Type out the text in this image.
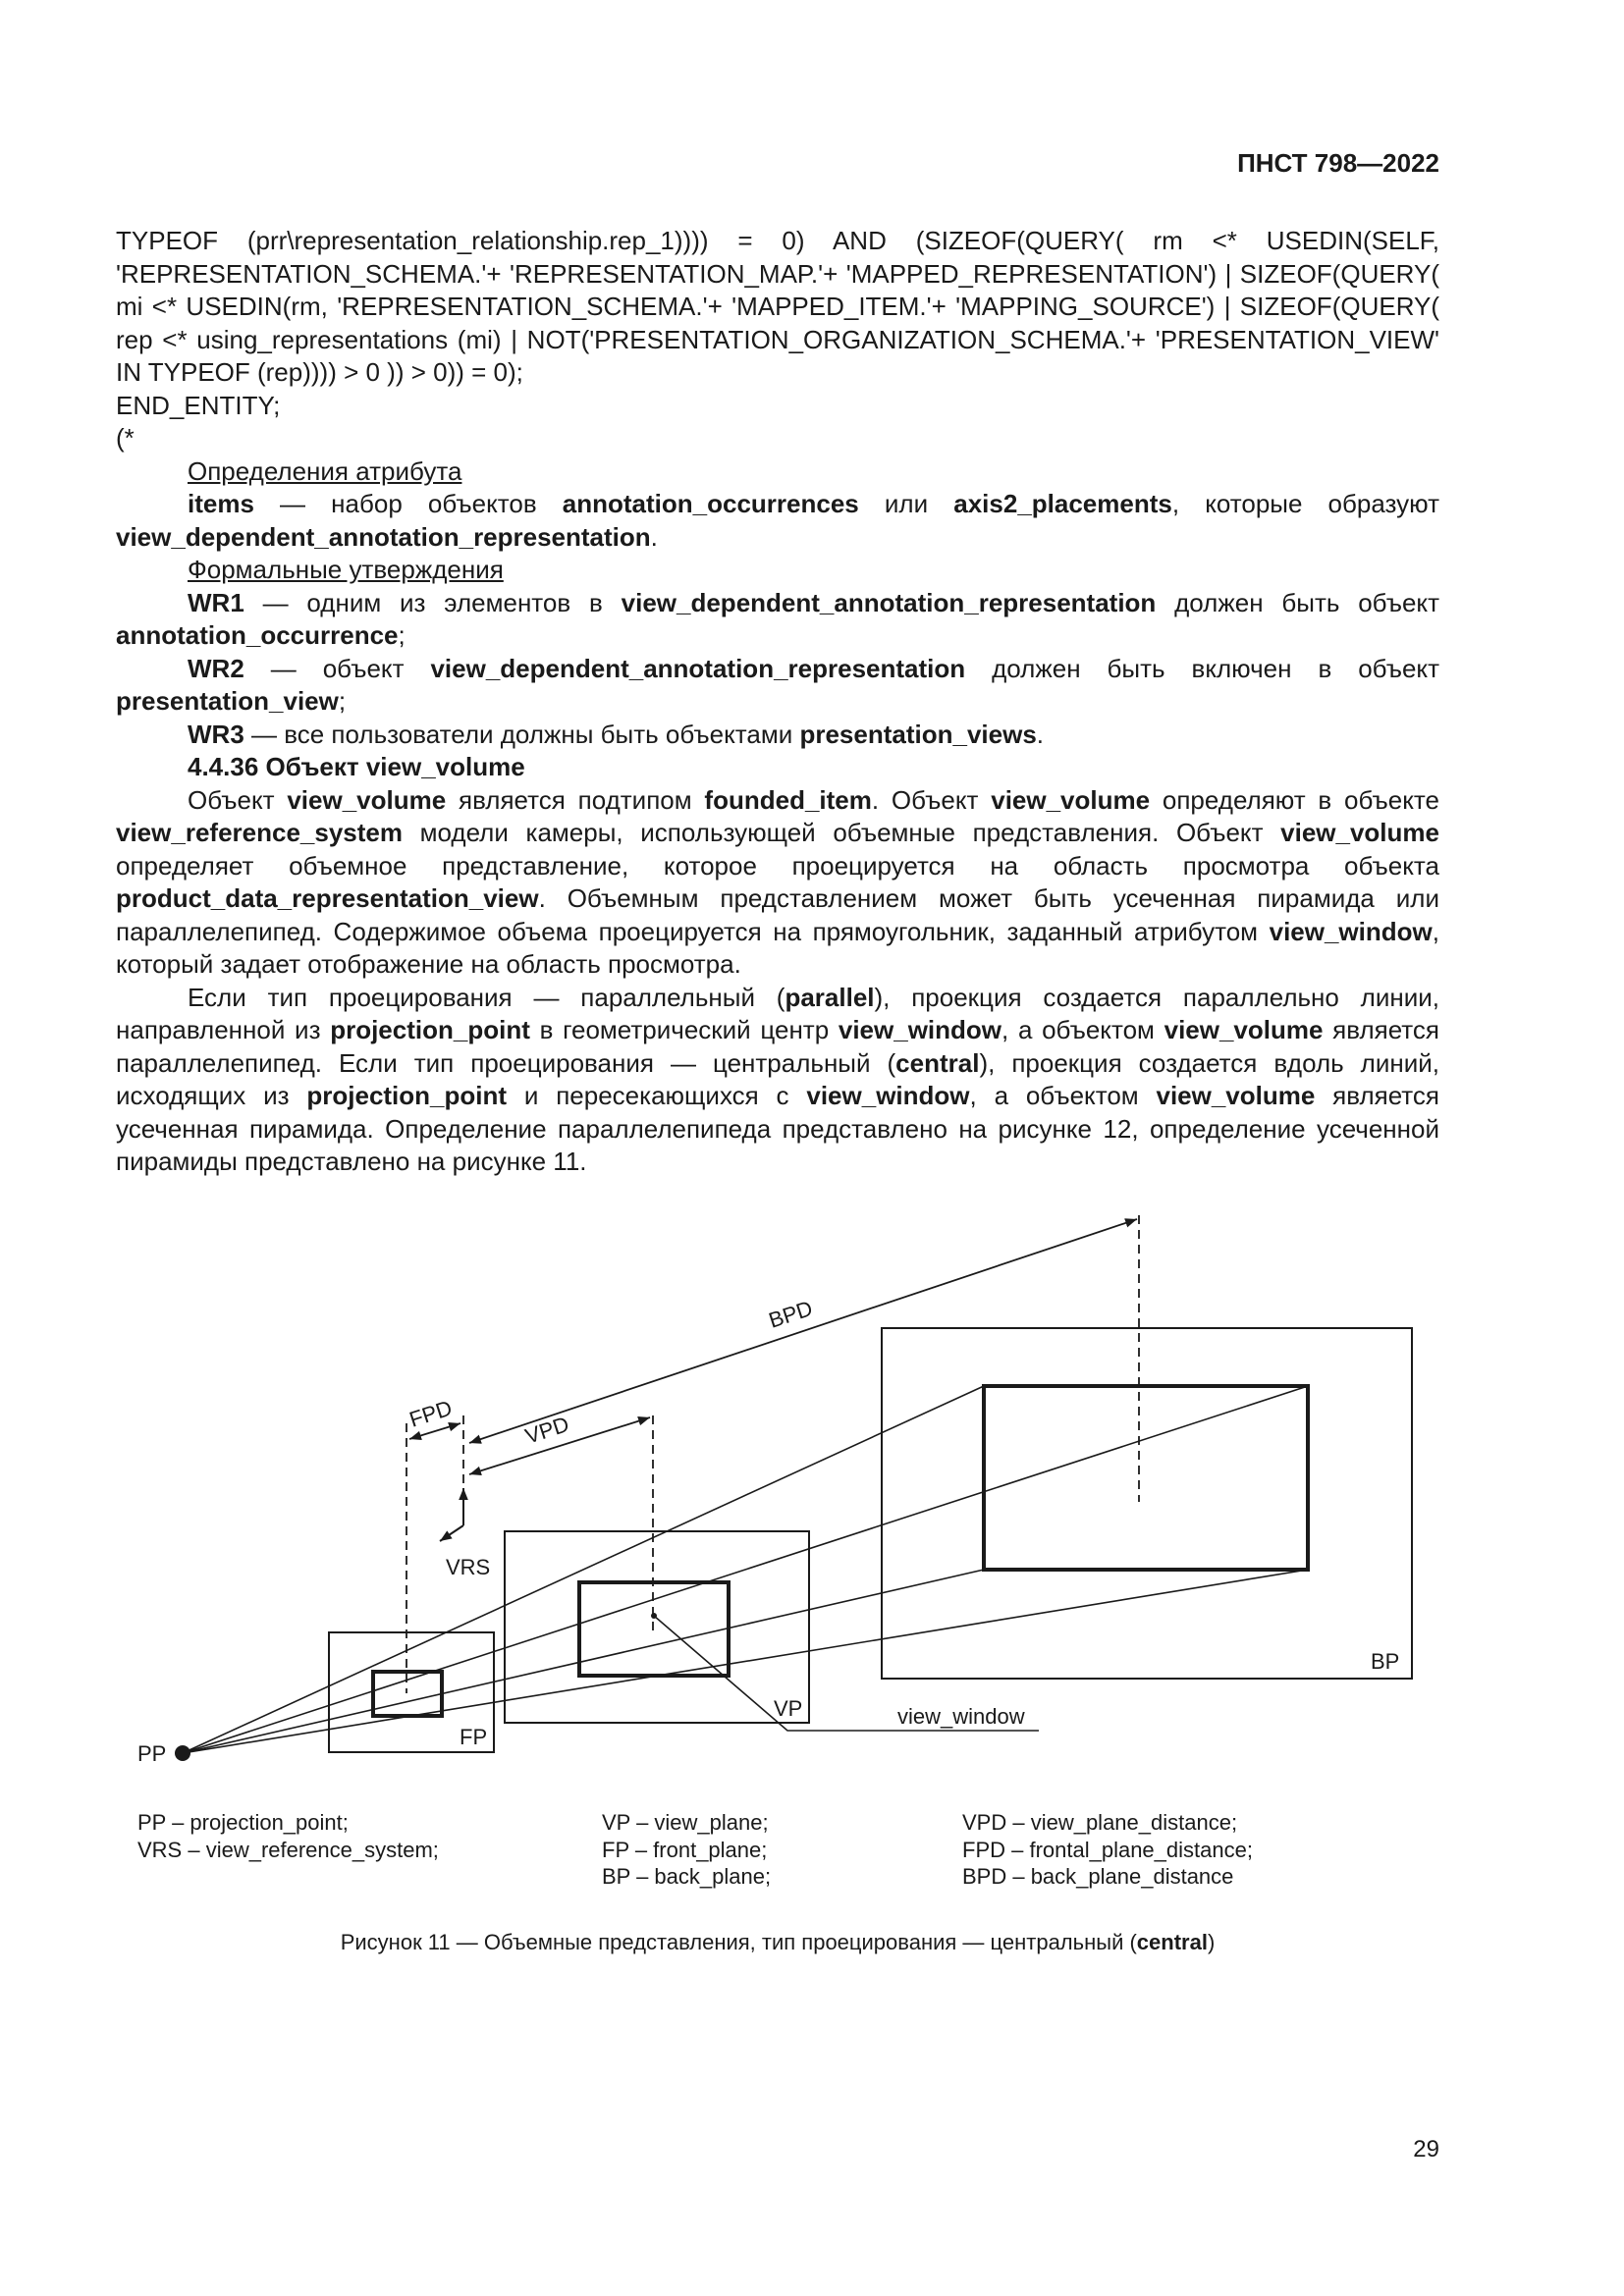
ПНСТ 798—2022

TYPEOF (prr\representation_relationship.rep_1)))) = 0) AND (SIZEOF(QUERY( rm <* USEDIN(SELF, 'REPRESENTATION_SCHEMA.'+ 'REPRESENTATION_MAP.'+ 'MAPPED_REPRESENTATION') | SIZEOF(QUERY( mi <* USEDIN(rm, 'REPRESENTATION_SCHEMA.'+ 'MAPPED_ITEM.'+ 'MAPPING_SOURCE') | SIZEOF(QUERY( rep <* using_representations (mi) | NOT('PRESENTATION_ORGANIZATION_SCHEMA.'+ 'PRESENTATION_VIEW' IN TYPEOF (rep)))) > 0 )) > 0)) = 0);

END_ENTITY;

(*

Определения атрибута

items — набор объектов annotation_occurrences или axis2_placements, которые образуют view_dependent_annotation_representation.

Формальные утверждения

WR1 — одним из элементов в view_dependent_annotation_representation должен быть объект annotation_occurrence;

WR2 — объект view_dependent_annotation_representation должен быть включен в объект presentation_view;

WR3 — все пользователи должны быть объектами presentation_views.

4.4.36 Объект view_volume

Объект view_volume является подтипом founded_item. Объект view_volume определяют в объекте view_reference_system модели камеры, использующей объемные представления. Объект view_volume определяет объемное представление, которое проецируется на область просмотра объекта product_data_representation_view. Объемным представлением может быть усеченная пирамида или параллелепипед. Содержимое объема проецируется на прямоугольник, заданный атрибутом view_window, который задает отображение на область просмотра.

Если тип проецирования — параллельный (parallel), проекция создается параллельно линии, направленной из projection_point в геометрический центр view_window, а объектом view_volume является параллелепипед. Если тип проецирования — центральный (central), проекция создается вдоль линий, исходящих из projection_point и пересекающихся с view_window, а объектом view_volume является усеченная пирамида. Определение параллелепипеда представлено на рисунке 12, определение усеченной пирамиды представлено на рисунке 11.

BPD
VPD
FPD
VRS
BP
VP
FP
PP
view_window
PP – projection_point;
VRS – view_reference_system;
VP – view_plane;
FP – front_plane;
BP – back_plane;
VPD – view_plane_distance;
FPD – frontal_plane_distance;
BPD – back_plane_distance
Рисунок 11 — Объемные представления, тип проецирования — центральный (central)
29
